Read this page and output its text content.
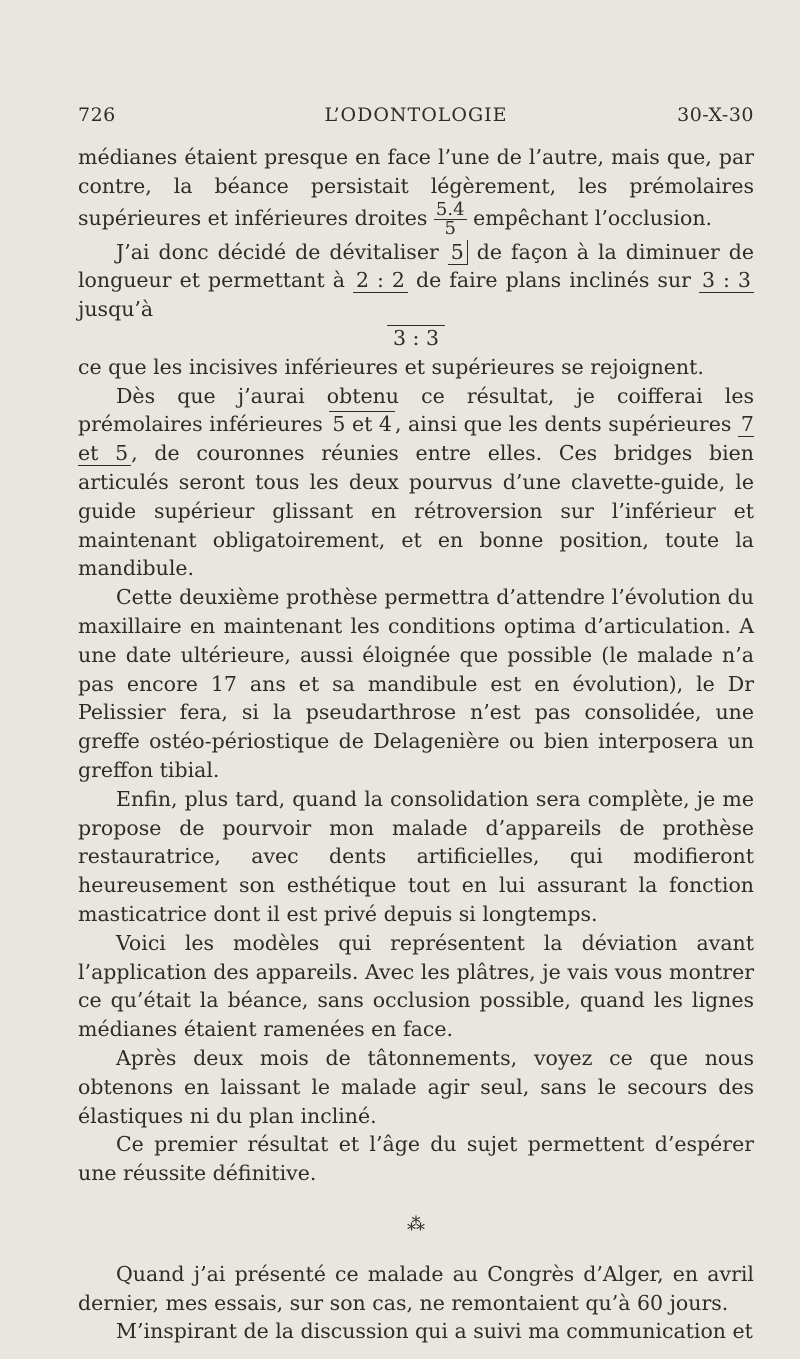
726	L’ODONTOLOGIE	30-X-30

médianes étaient presque en face l’une de l’autre, mais que, par contre, la béance persistait légèrement, les prémolaires supérieures et inférieures droites $\frac{5.4}{5}$ empêchant l’occlusion.

J’ai donc décidé de dévitaliser 5 de façon à la diminuer de longueur et permettant à 2 : 2 de faire plans inclinés sur 3 : 3 jusqu’à

3 : 3

ce que les incisives inférieures et supérieures se rejoignent.

Dès que j’aurai obtenu ce résultat, je coifferai les prémolaires inférieures 5 et 4 , ainsi que les dents supérieures 7 et 5 , de couronnes réunies entre elles. Ces bridges bien articulés seront tous les deux pourvus d’une clavette-guide, le guide supérieur glissant en rétroversion sur l’inférieur et maintenant obligatoirement, et en bonne position, toute la mandibule.

Cette deuxième prothèse permettra d’attendre l’évolution du maxillaire en maintenant les conditions optima d’articulation. A une date ultérieure, aussi éloignée que possible (le malade n’a pas encore 17 ans et sa mandibule est en évolution), le Dr Pelissier fera, si la pseudarthrose n’est pas consolidée, une greffe ostéo-périostique de Delagenière ou bien interposera un greffon tibial.

Enfin, plus tard, quand la consolidation sera complète, je me propose de pourvoir mon malade d’appareils de prothèse restauratrice, avec dents artificielles, qui modifieront heureusement son esthétique tout en lui assurant la fonction masticatrice dont il est privé depuis si longtemps.

Voici les modèles qui représentent la déviation avant l’application des appareils. Avec les plâtres, je vais vous montrer ce qu’était la béance, sans occlusion possible, quand les lignes médianes étaient ramenées en face.

Après deux mois de tâtonnements, voyez ce que nous obtenons en laissant le malade agir seul, sans le secours des élastiques ni du plan incliné.

Ce premier résultat et l’âge du sujet permettent d’espérer une réussite définitive.

⁂

Quand j’ai présenté ce malade au Congrès d’Alger, en avril dernier, mes essais, sur son cas, ne remontaient qu’à 60 jours.

M’inspirant de la discussion qui a suivi ma communication et
